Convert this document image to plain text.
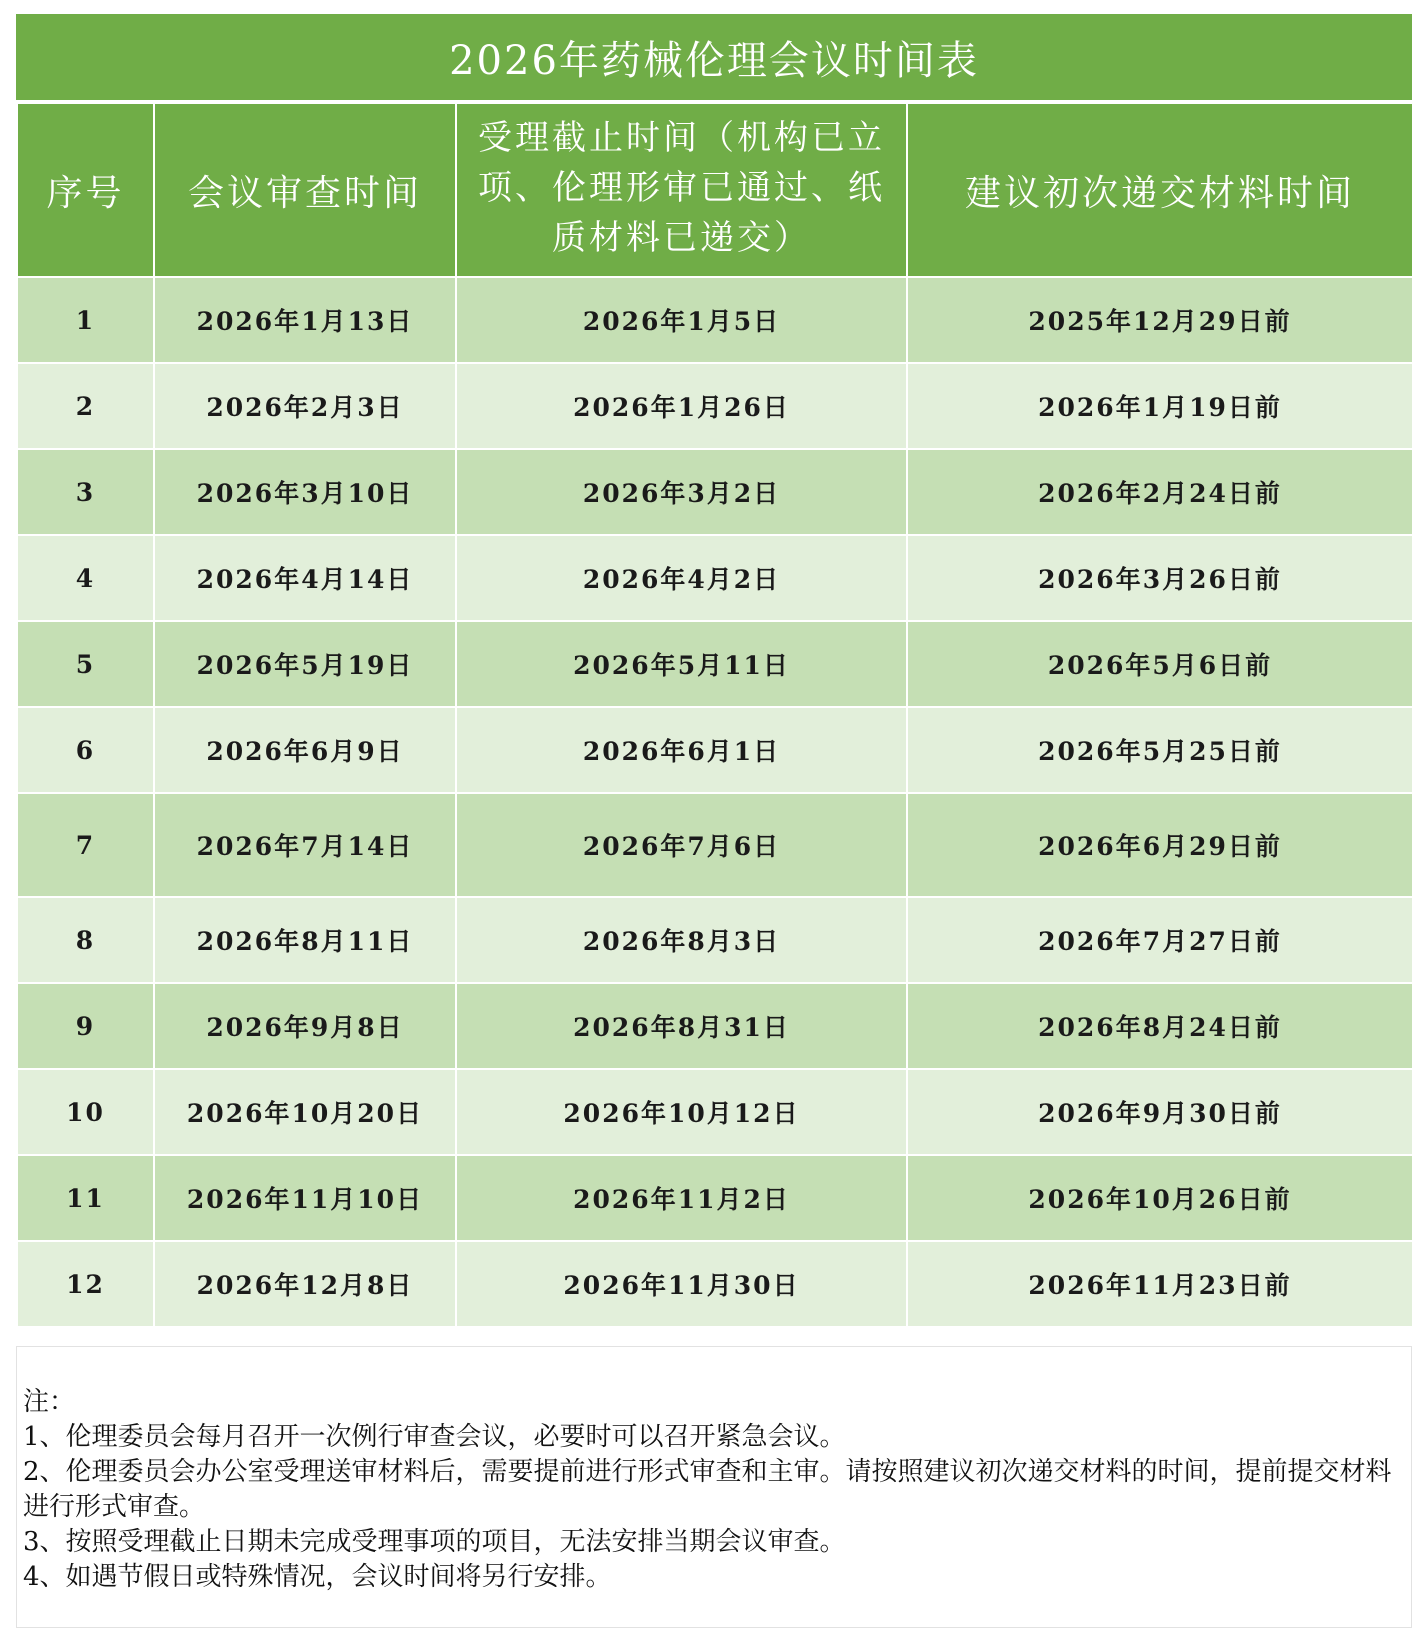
2026年药械伦理会议时间表
序号	会议审查时间	受理截止时间（机构已立项、伦理形审已通过、纸质材料已递交）	建议初次递交材料时间
1	2026年1月13日	2026年1月5日	2025年12月29日前
2	2026年2月3日	2026年1月26日	2026年1月19日前
3	2026年3月10日	2026年3月2日	2026年2月24日前
4	2026年4月14日	2026年4月2日	2026年3月26日前
5	2026年5月19日	2026年5月11日	2026年5月6日前
6	2026年6月9日	2026年6月1日	2026年5月25日前
7	2026年7月14日	2026年7月6日	2026年6月29日前
8	2026年8月11日	2026年8月3日	2026年7月27日前
9	2026年9月8日	2026年8月31日	2026年8月24日前
10	2026年10月20日	2026年10月12日	2026年9月30日前
11	2026年11月10日	2026年11月2日	2026年10月26日前
12	2026年12月8日	2026年11月30日	2026年11月23日前
注：
1、伦理委员会每月召开一次例行审查会议，必要时可以召开紧急会议。
2、伦理委员会办公室受理送审材料后，需要提前进行形式审查和主审。请按照建议初次递交材料的时间，提前提交材料进行形式审查。
3、按照受理截止日期未完成受理事项的项目，无法安排当期会议审查。
4、如遇节假日或特殊情况，会议时间将另行安排。
